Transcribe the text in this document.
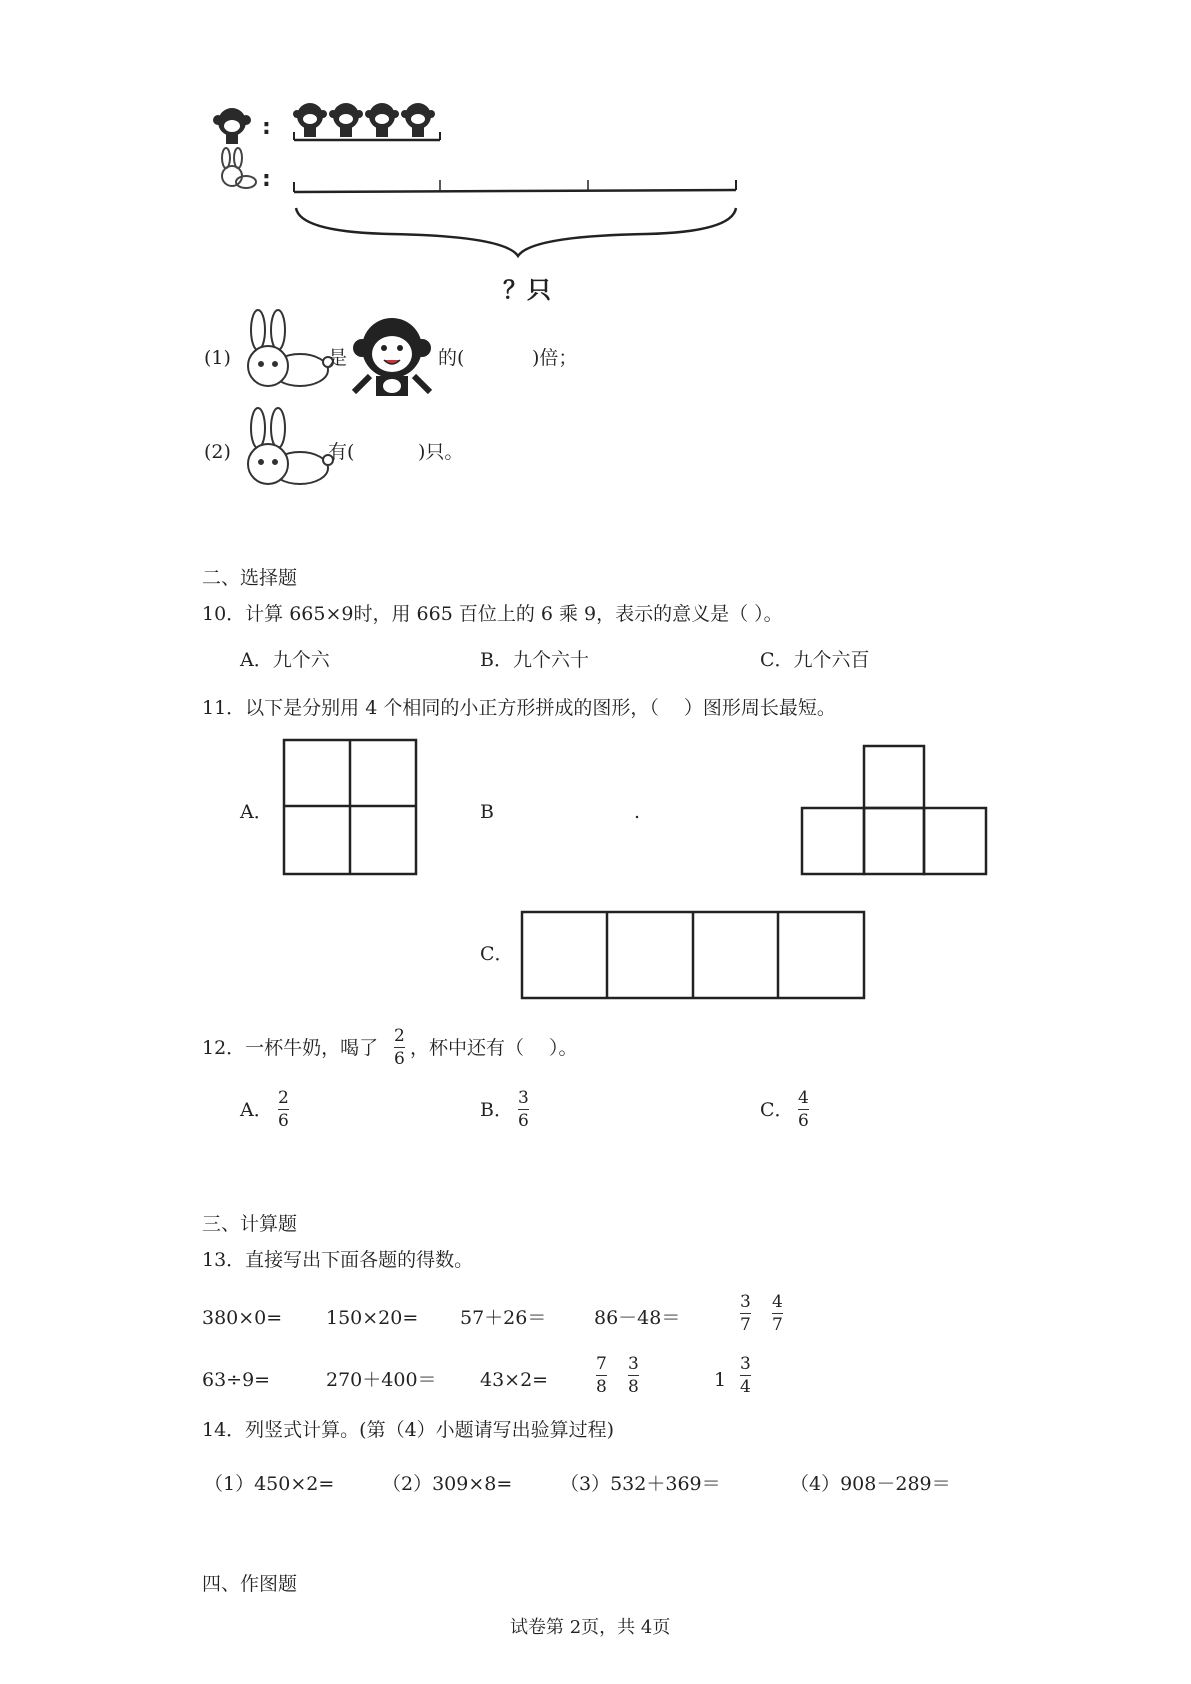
:
:
？只
(1)	是	的(	)倍；
(2)	有(	)只。
二、选择题
10．计算 665×9时，用 665 百位上的 6 乘 9，表示的意义是（ ）。
A．九个六	B．九个六十	C．九个六百
11．以下是分别用 4 个相同的小正方形拼成的图形，（　 ）图形周长最短。
A．	B	.
C．
12．一杯牛奶，喝了
2
6 ，杯中还有（　 ）。
A．
2
6	B．
3
6	C．
4
6
三、计算题
13．直接写出下面各题的得数。
380×0= 150×20= 57＋26＝	86－48＝
3
7
4
7
63÷9=	270＋400＝ 43×2=
7
8
3
8	1
3
4
14．列竖式计算。(第（4）小题请写出验算过程)
（1）450×2=	（2）309×8=	（3）532＋369＝	（4）908－289＝
四、作图题
试卷第 2页，共 4页
